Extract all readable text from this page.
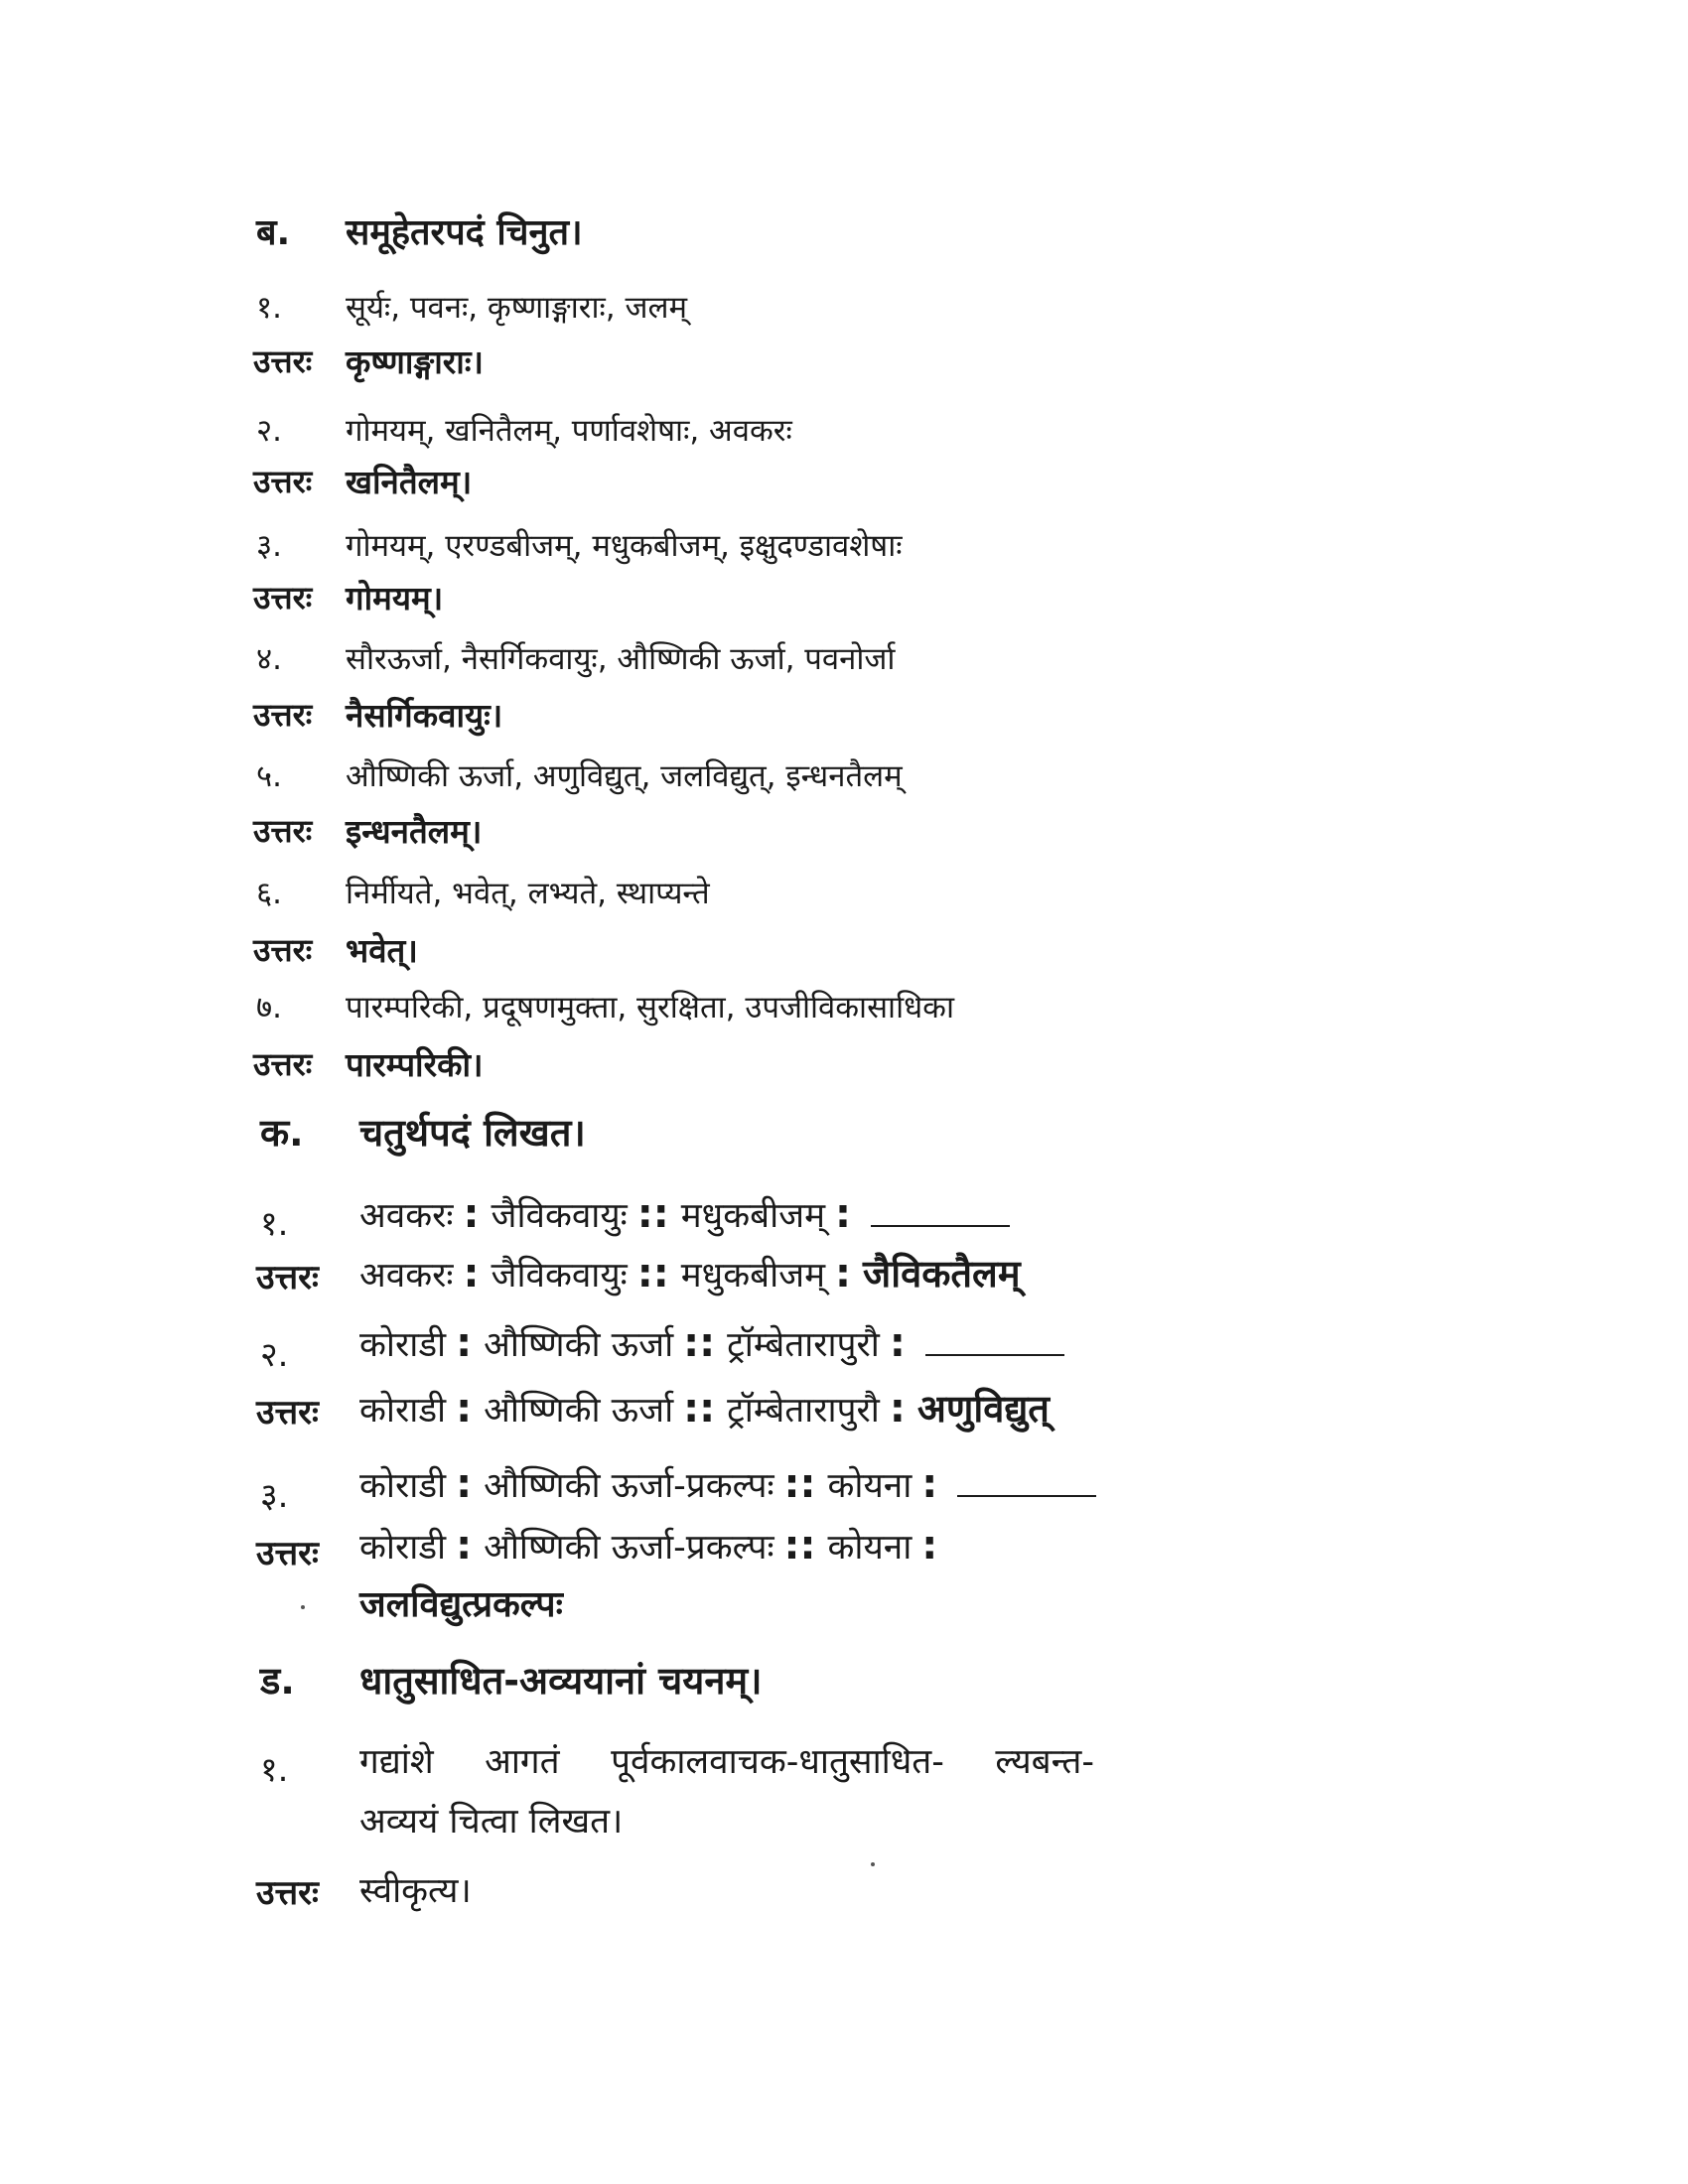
ब. समूहेतरपदं चिनुत।
१. सूर्यः, पवनः, कृष्णाङ्गाराः, जलम्
उत्तरः कृष्णाङ्गाराः।
२. गोमयम्, खनितैलम्, पर्णावशेषाः, अवकरः
उत्तरः खनितैलम्।
३. गोमयम्, एरण्डबीजम्, मधुकबीजम्, इक्षुदण्डावशेषाः
उत्तरः गोमयम्।
४. सौरऊर्जा, नैसर्गिकवायुः, औष्णिकी ऊर्जा, पवनोर्जा
उत्तरः नैसर्गिकवायुः।
५. औष्णिकी ऊर्जा, अणुविद्युत्, जलविद्युत्, इन्धनतैलम्
उत्तरः इन्धनतैलम्।
६. निर्मीयते, भवेत्, लभ्यते, स्थाप्यन्ते
उत्तरः भवेत्।
७. पारम्परिकी, प्रदूषणमुक्ता, सुरक्षिता, उपजीविकासाधिका
उत्तरः पारम्परिकी।
क. चतुर्थपदं लिखत।
१. अवकरः : जैविकवायुः :: मधुकबीजम् :
उत्तरः अवकरः : जैविकवायुः :: मधुकबीजम् : जैविकतैलम्
२. कोराडी : औष्णिकी ऊर्जा :: ट्रॉम्बेतारापुरौ :
उत्तरः कोराडी : औष्णिकी ऊर्जा :: ट्रॉम्बेतारापुरौ : अणुविद्युत्
३. कोराडी : औष्णिकी ऊर्जा-प्रकल्पः :: कोयना :
उत्तरः कोराडी : औष्णिकी ऊर्जा-प्रकल्पः :: कोयना :
जलविद्युत्प्रकल्पः
ड. धातुसाधित-अव्ययानां चयनम्।
१. गद्यांशे आगतं पूर्वकालवाचक-धातुसाधित- ल्यबन्त-
अव्ययं चित्वा लिखत।
उत्तरः स्वीकृत्य।
